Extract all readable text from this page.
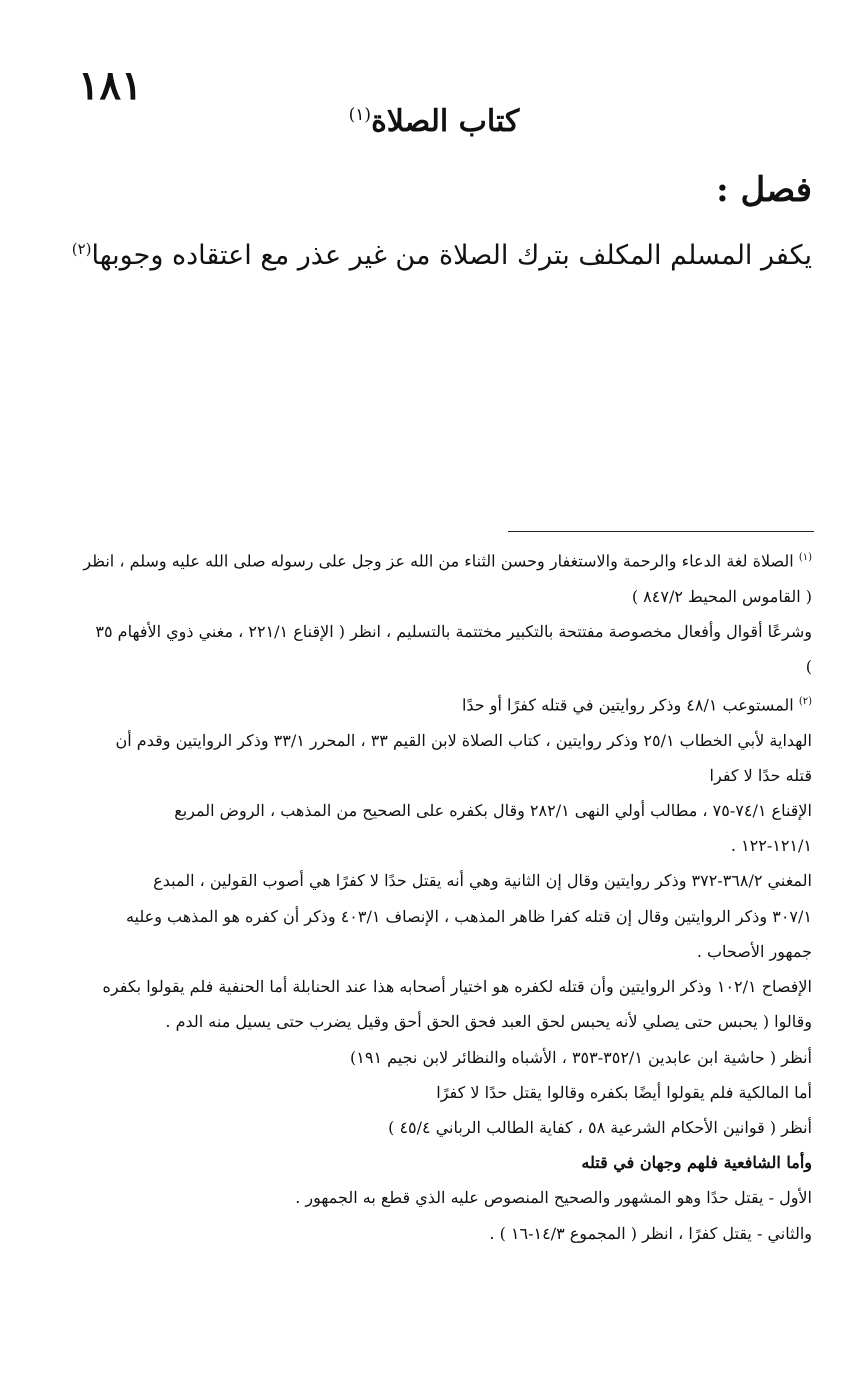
١٨١
كتاب الصلاة$^{(١)}$
فصل :
يكفر المسلم المكلف بترك الصلاة من غير عذر مع اعتقاده وجوبها$^{(٢)}$

$^{(١)}$ الصلاة لغة الدعاء والرحمة والاستغفار وحسن الثناء من الله عز وجل على رسوله صلى الله عليه وسلم ، انظر

( القاموس المحيط ٨٤٧/٢ )

وشرعًا أقوال وأفعال مخصوصة مفتتحة بالتكبير مختتمة بالتسليم ، انظر ( الإقناع ٢٢١/١ ، مغني ذوي الأفهام ٣٥

)

$^{(٢)}$ المستوعب ٤٨/١ وذكر روايتين في قتله كفرًا أو حدًا

الهداية لأبي الخطاب ٢٥/١ وذكر روايتين ، كتاب الصلاة لابن القيم ٣٣ ، المحرر ٣٣/١ وذكر الروايتين وقدم أن

قتله حدًا لا كفرا

الإقناع ٧٤/١-٧٥ ، مطالب أولي النهى ٢٨٢/١ وقال بكفره على الصحيح من المذهب ، الروض المربع

١٢١/١-١٢٢ .

المغني ٣٦٨/٢-٣٧٢ وذكر روايتين وقال إن الثانية وهي أنه يقتل حدًا لا كفرًا هي أصوب القولين ، المبدع

٣٠٧/١ وذكر الروايتين وقال إن قتله كفرا ظاهر المذهب ، الإنصاف ٤٠٣/١ وذكر أن كفره هو المذهب وعليه

جمهور الأصحاب .

الإفصاح ١٠٢/١ وذكر الروايتين وأن قتله لكفره هو اختيار أصحابه هذا عند الحنابلة أما الحنفية فلم يقولوا بكفره

وقالوا ( يحبس حتى يصلي لأنه يحبس لحق العبد فحق الحق أحق وقيل يضرب حتى يسيل منه الدم .

أنظر ( حاشية ابن عابدين ٣٥٢/١-٣٥٣ ، الأشباه والنظائر لابن نجيم ١٩١)

أما المالكية فلم يقولوا أيضًا بكفره وقالوا يقتل حدًا لا كفرًا

أنظر ( قوانين الأحكام الشرعية ٥٨ ، كفاية الطالب الرباني ٤٥/٤ )

وأما الشافعية فلهم وجهان في قتله

الأول - يقتل حدًا وهو المشهور والصحيح المنصوص عليه الذي قطع به الجمهور .

والثاني - يقتل كفرًا ، انظر ( المجموع ١٤/٣-١٦ ) .
